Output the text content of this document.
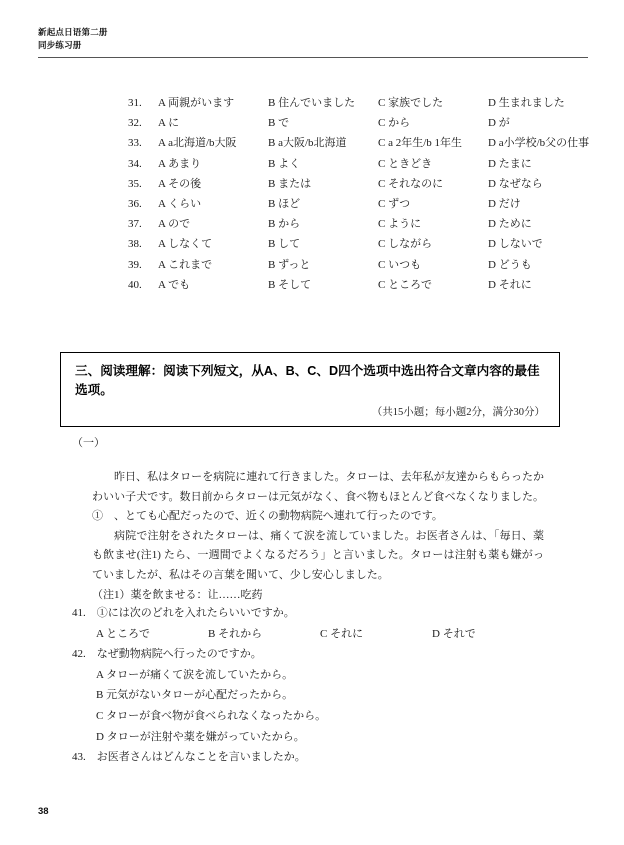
新起点日语第二册
同步练习册
31.	A 両親がいます	B 住んでいました	C 家族でした	D 生まれました
32.	A に	B で	C から	D が
33.	A a北海道/b大阪	B a大阪/b北海道	C a 2年生/b 1年生	D a小学校/b父の仕事
34.	A あまり	B よく	C ときどき	D たまに
35.	A その後	B または	C それなのに	D なぜなら
36.	A くらい	B ほど	C ずつ	D だけ
37.	A ので	B から	C ように	D ために
38.	A しなくて	B して	C しながら	D しないで
39.	A これまで	B ずっと	C いつも	D どうも
40.	A でも	B そして	C ところで	D それに
三、阅读理解：阅读下列短文，从A、B、C、D四个选项中选出符合文章内容的最佳选项。
（共15小题；每小题2分，满分30分）
（一）

昨日、私はタローを病院に連れて行きました。タローは、去年私が友達からもらったかわいい子犬です。数日前からタローは元気がなく、食べ物もほとんど食べなくなりました。①　、とても心配だったので、近くの動物病院へ連れて行ったのです。

病院で注射をされたタローは、痛くて涙を流していました。お医者さんは、「毎日、薬も飲ませ(注1) たら、一週間でよくなるだろう」と言いました。タローは注射も薬も嫌がっていましたが、私はその言葉を聞いて、少し安心しました。

（注1）薬を飲ませる：让……吃药

41.　①には次のどれを入れたらいいですか。
A ところで	B それから	C それに	D それで
42.　なぜ動物病院へ行ったのですか。
A タローが痛くて涙を流していたから。
B 元気がないタローが心配だったから。
C タローが食べ物が食べられなくなったから。
D タローが注射や薬を嫌がっていたから。
43.　お医者さんはどんなことを言いましたか。
38
